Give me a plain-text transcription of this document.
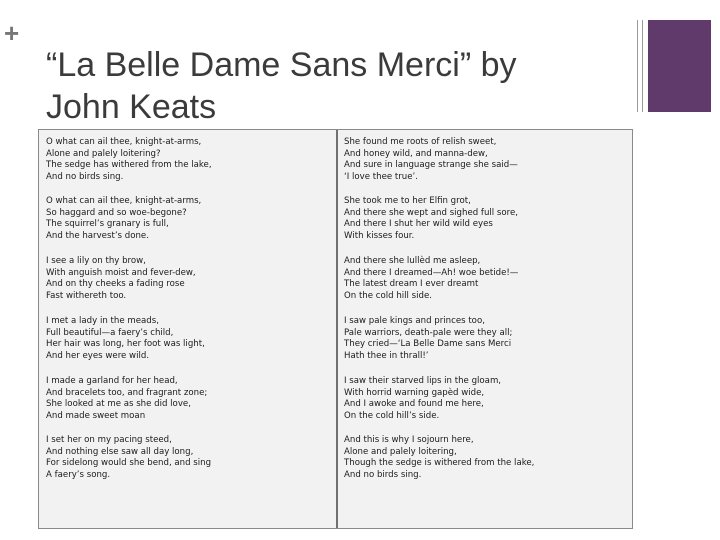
+
“La Belle Dame Sans Merci” by
John Keats
O what can ail thee, knight-at-arms,
Alone and palely loitering?
The sedge has withered from the lake,
And no birds sing.
O what can ail thee, knight-at-arms,
So haggard and so woe-begone?
The squirrel’s granary is full,
And the harvest’s done.
I see a lily on thy brow,
With anguish moist and fever-dew,
And on thy cheeks a fading rose
Fast withereth too.
I met a lady in the meads,
Full beautiful—a faery’s child,
Her hair was long, her foot was light,
And her eyes were wild.
I made a garland for her head,
And bracelets too, and fragrant zone;
She looked at me as she did love,
And made sweet moan
I set her on my pacing steed,
And nothing else saw all day long,
For sidelong would she bend, and sing
A faery’s song.
She found me roots of relish sweet,
And honey wild, and manna-dew,
And sure in language strange she said—
‘I love thee true’.
She took me to her Elfin grot,
And there she wept and sighed full sore,
And there I shut her wild wild eyes
With kisses four.
And there she lullèd me asleep,
And there I dreamed—Ah! woe betide!—
The latest dream I ever dreamt
On the cold hill side.
I saw pale kings and princes too,
Pale warriors, death-pale were they all;
They cried—‘La Belle Dame sans Merci
Hath thee in thrall!’
I saw their starved lips in the gloam,
With horrid warning gapèd wide,
And I awoke and found me here,
On the cold hill’s side.
And this is why I sojourn here,
Alone and palely loitering,
Though the sedge is withered from the lake,
And no birds sing.
